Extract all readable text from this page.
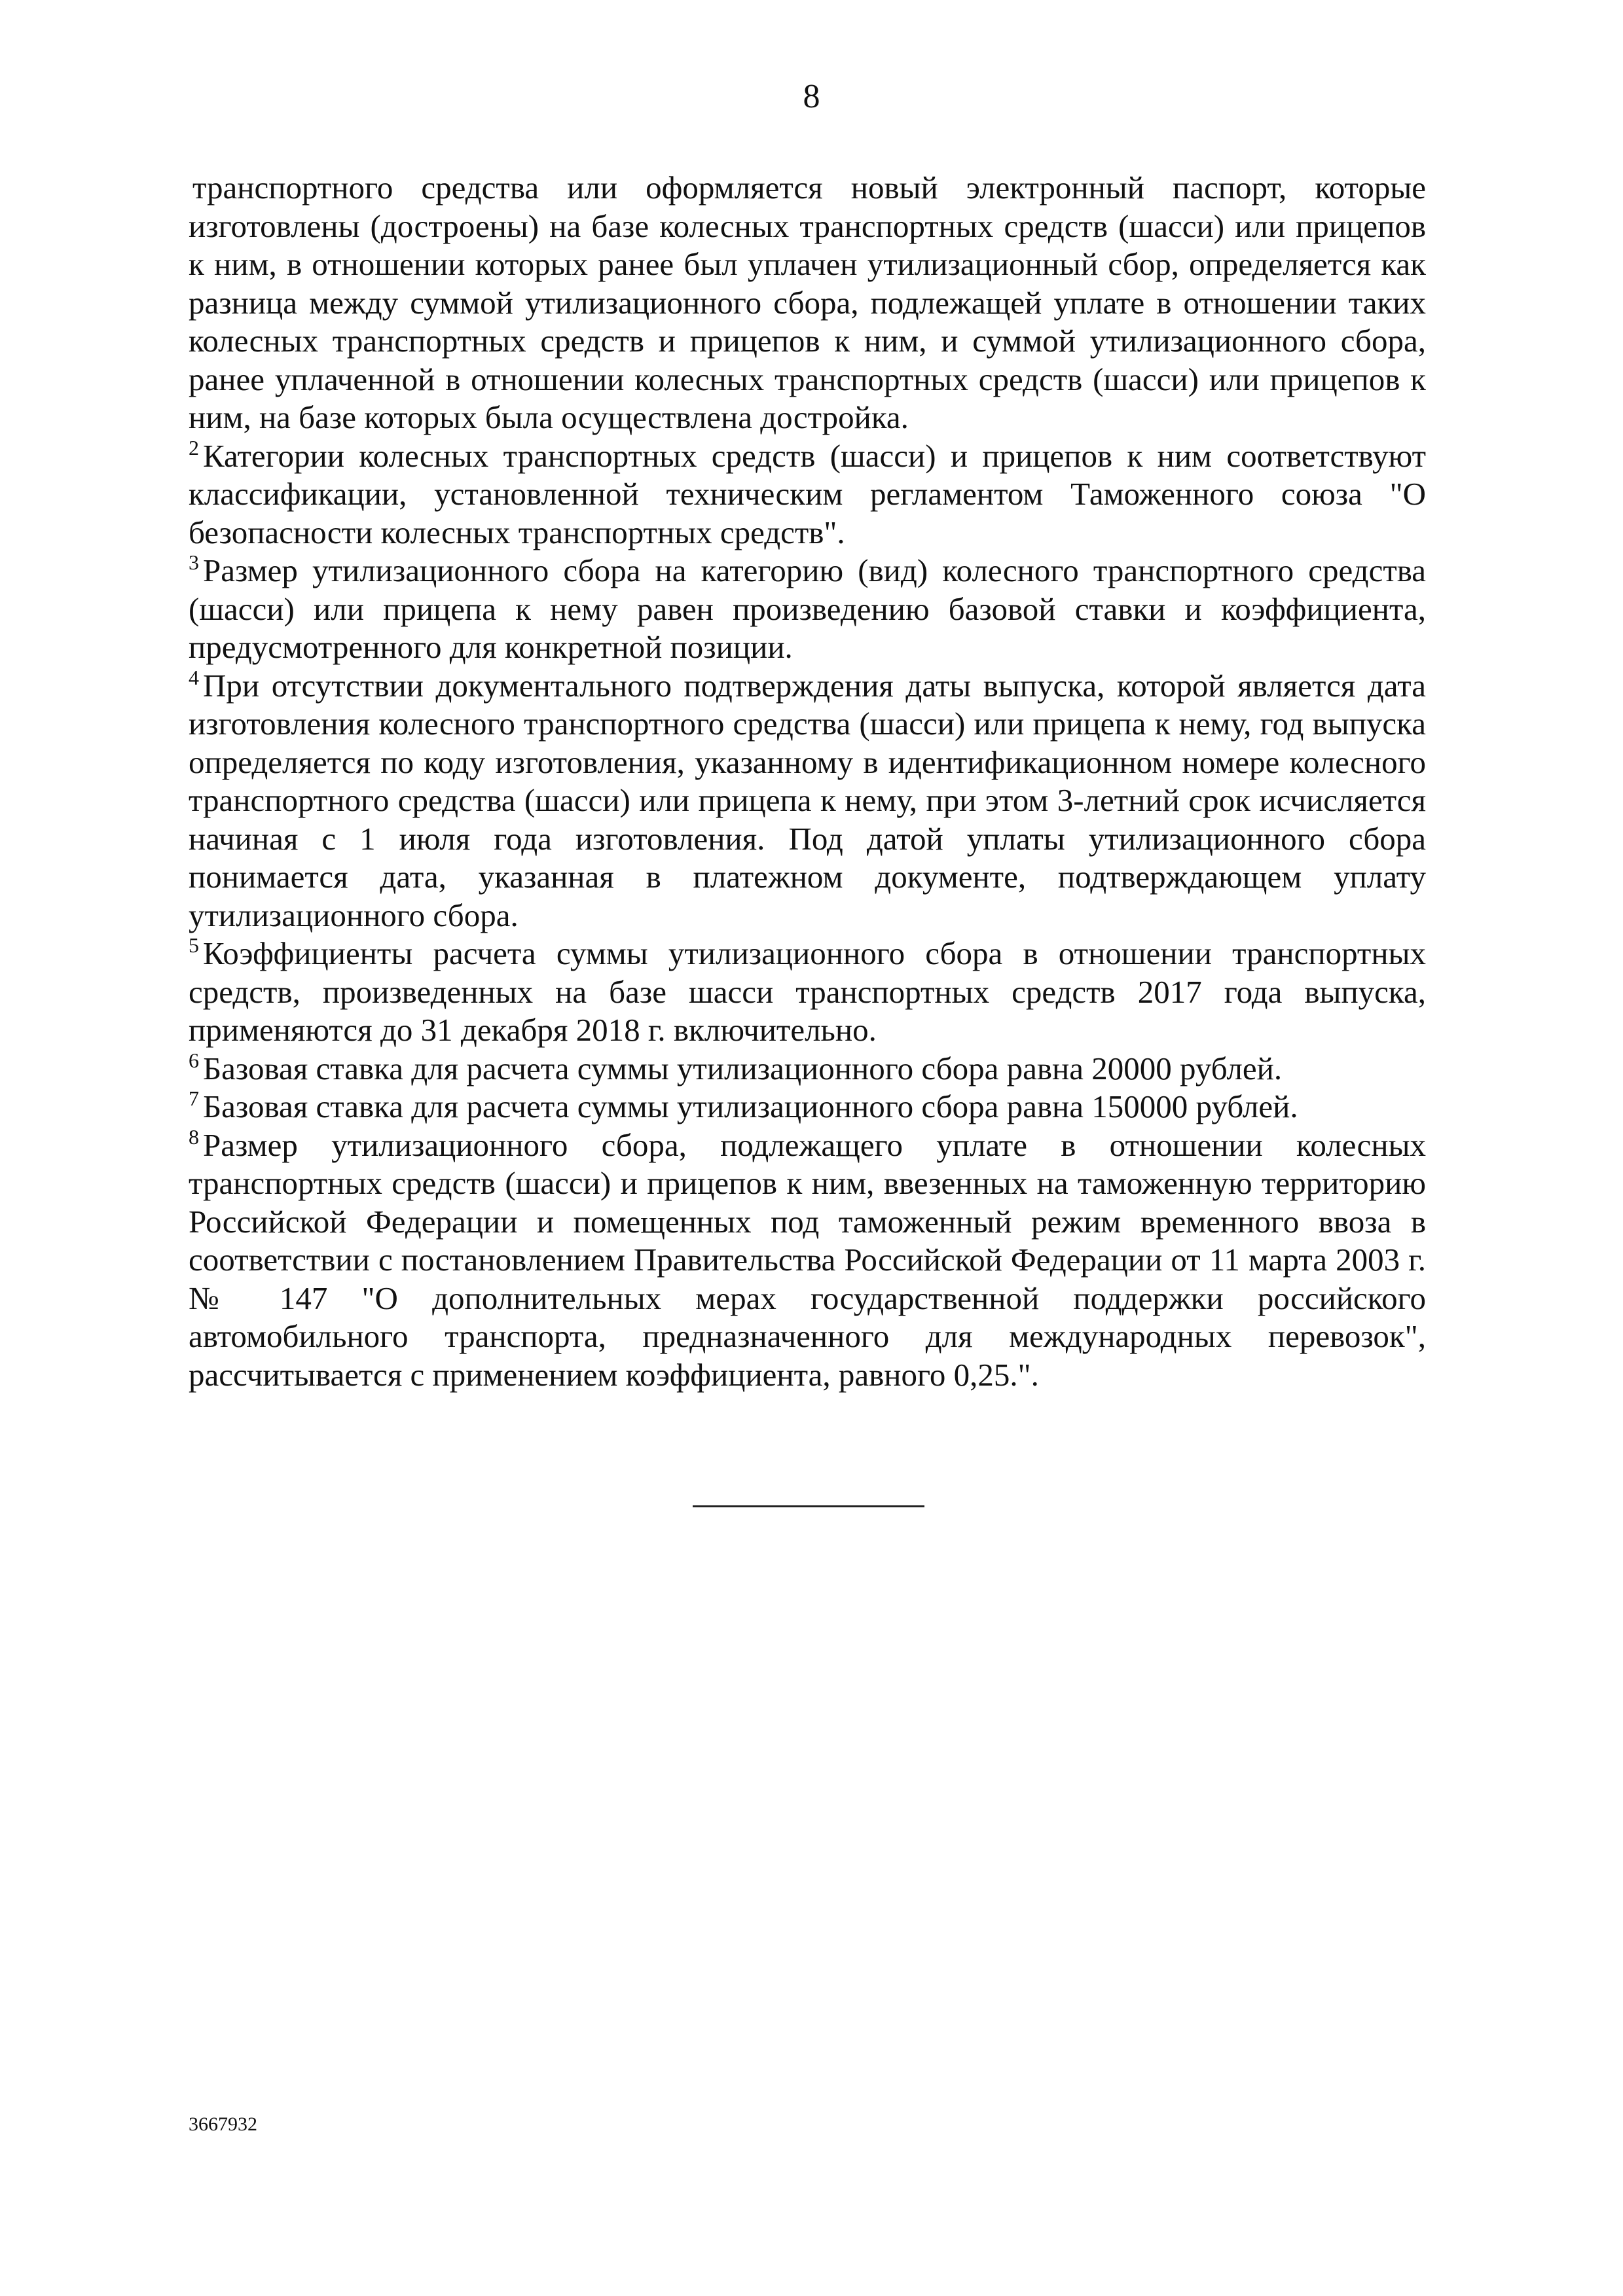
8

транспортного средства или оформляется новый электронный паспорт, которые изготовлены (достроены) на базе колесных транспортных средств (шасси) или прицепов к ним, в отношении которых ранее был уплачен утилизационный сбор, определяется как разница между суммой утилизационного сбора, подлежащей уплате в отношении таких колесных транспортных средств и прицепов к ним, и суммой утилизационного сбора, ранее уплаченной в отношении колесных транспортных средств (шасси) или прицепов к ним, на базе которых была осуществлена достройка.

$^2$ Категории колесных транспортных средств (шасси) и прицепов к ним соответствуют классификации, установленной техническим регламентом Таможенного союза "О безопасности колесных транспортных средств".

$^3$ Размер утилизационного сбора на категорию (вид) колесного транспортного средства (шасси) или прицепа к нему равен произведению базовой ставки и коэффициента, предусмотренного для конкретной позиции.

$^4$ При отсутствии документального подтверждения даты выпуска, которой является дата изготовления колесного транспортного средства (шасси) или прицепа к нему, год выпуска определяется по коду изготовления, указанному в идентификационном номере колесного транспортного средства (шасси) или прицепа к нему, при этом 3-летний срок исчисляется начиная с 1 июля года изготовления. Под датой уплаты утилизационного сбора понимается дата, указанная в платежном документе, подтверждающем уплату утилизационного сбора.

$^5$ Коэффициенты расчета суммы утилизационного сбора в отношении транспортных средств, произведенных на базе шасси транспортных средств 2017 года выпуска, применяются до 31 декабря 2018 г. включительно.

$^6$ Базовая ставка для расчета суммы утилизационного сбора равна 20000 рублей.

$^7$ Базовая ставка для расчета суммы утилизационного сбора равна 150000 рублей.

$^8$ Размер утилизационного сбора, подлежащего уплате в отношении колесных транспортных средств (шасси) и прицепов к ним, ввезенных на таможенную территорию Российской Федерации и помещенных под таможенный режим временного ввоза в соответствии с постановлением Правительства Российской Федерации от 11 марта 2003 г. № 147 "О дополнительных мерах государственной поддержки российского автомобильного транспорта, предназначенного для международных перевозок", рассчитывается с применением коэффициента, равного 0,25.".

3667932
